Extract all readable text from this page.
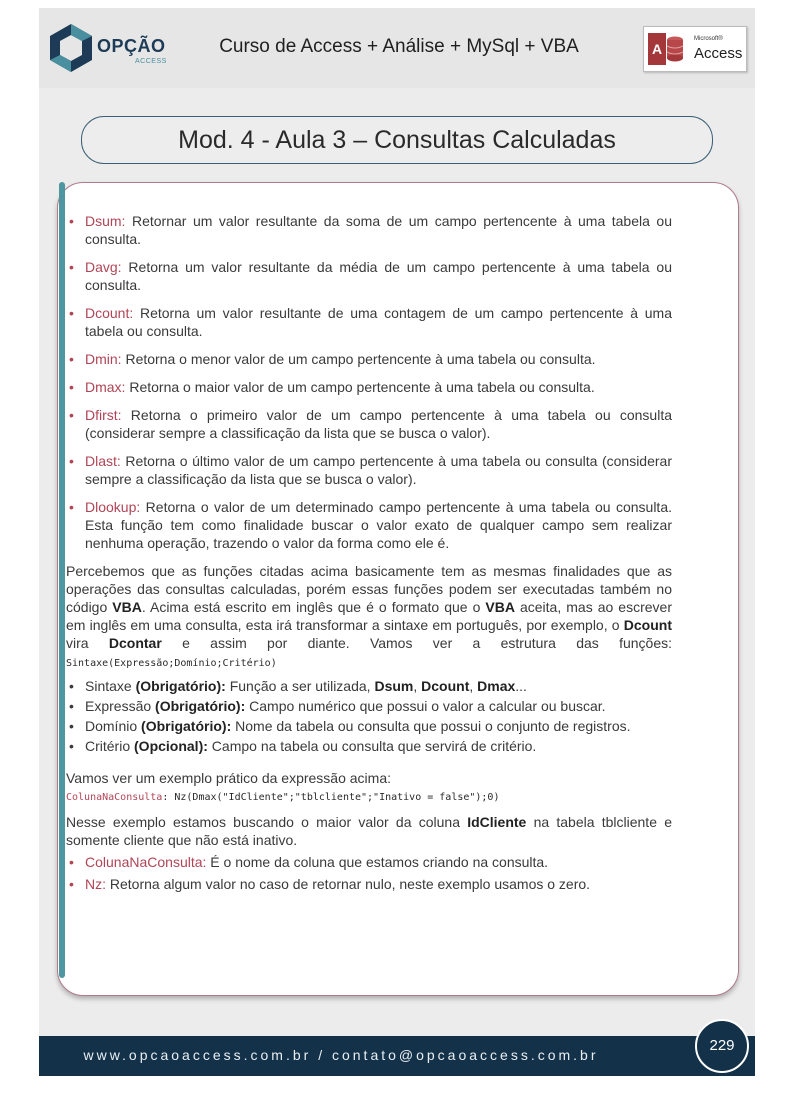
OPÇÃO
ACCESS
Curso de Access + Análise + MySql + VBA	A
Microsoft®
Access
Mod. 4 - Aula 3 – Consultas Calculadas
www.opcaoaccess.com.br / contato@opcaoaccess.com.br
229
• Dsum: Retornar um valor resultante da soma de um campo pertencente à uma tabela ou consulta.
• Davg: Retorna um valor resultante da média de um campo pertencente à uma tabela ou consulta.
• Dcount: Retorna um valor resultante de uma contagem de um campo pertencente à uma tabela ou consulta.
• Dmin: Retorna o menor valor de um campo pertencente à uma tabela ou consulta.
• Dmax: Retorna o maior valor de um campo pertencente à uma tabela ou consulta.
• Dfirst: Retorna o primeiro valor de um campo pertencente à uma tabela ou consulta (considerar sempre a classificação da lista que se busca o valor).
• Dlast: Retorna o último valor de um campo pertencente à uma tabela ou consulta (considerar sempre a classificação da lista que se busca o valor).
• Dlookup: Retorna o valor de um determinado campo pertencente à uma tabela ou consulta. Esta função tem como finalidade buscar o valor exato de qualquer campo sem realizar nenhuma operação, trazendo o valor da forma como ele é.

Percebemos que as funções citadas acima basicamente tem as mesmas finalidades que as operações das consultas calculadas, porém essas funções podem ser executadas também no código VBA. Acima está escrito em inglês que é o formato que o VBA aceita, mas ao escrever em inglês em uma consulta, esta irá transformar a sintaxe em português, por exemplo, o Dcount vira Dcontar e assim por diante. Vamos ver a estrutura das funções: Sintaxe(Expressão;Domínio;Critério)

• Sintaxe (Obrigatório): Função a ser utilizada, Dsum, Dcount, Dmax...
• Expressão (Obrigatório): Campo numérico que possui o valor a calcular ou buscar.
• Domínio (Obrigatório): Nome da tabela ou consulta que possui o conjunto de registros.
• Critério (Opcional): Campo na tabela ou consulta que servirá de critério.

Vamos ver um exemplo prático da expressão acima:

ColunaNaConsulta: Nz(Dmax("IdCliente";"tblcliente";"Inativo = false");0)

Nesse exemplo estamos buscando o maior valor da coluna IdCliente na tabela tblcliente e somente cliente que não está inativo.

• ColunaNaConsulta: É o nome da coluna que estamos criando na consulta.
• Nz: Retorna algum valor no caso de retornar nulo, neste exemplo usamos o zero.
